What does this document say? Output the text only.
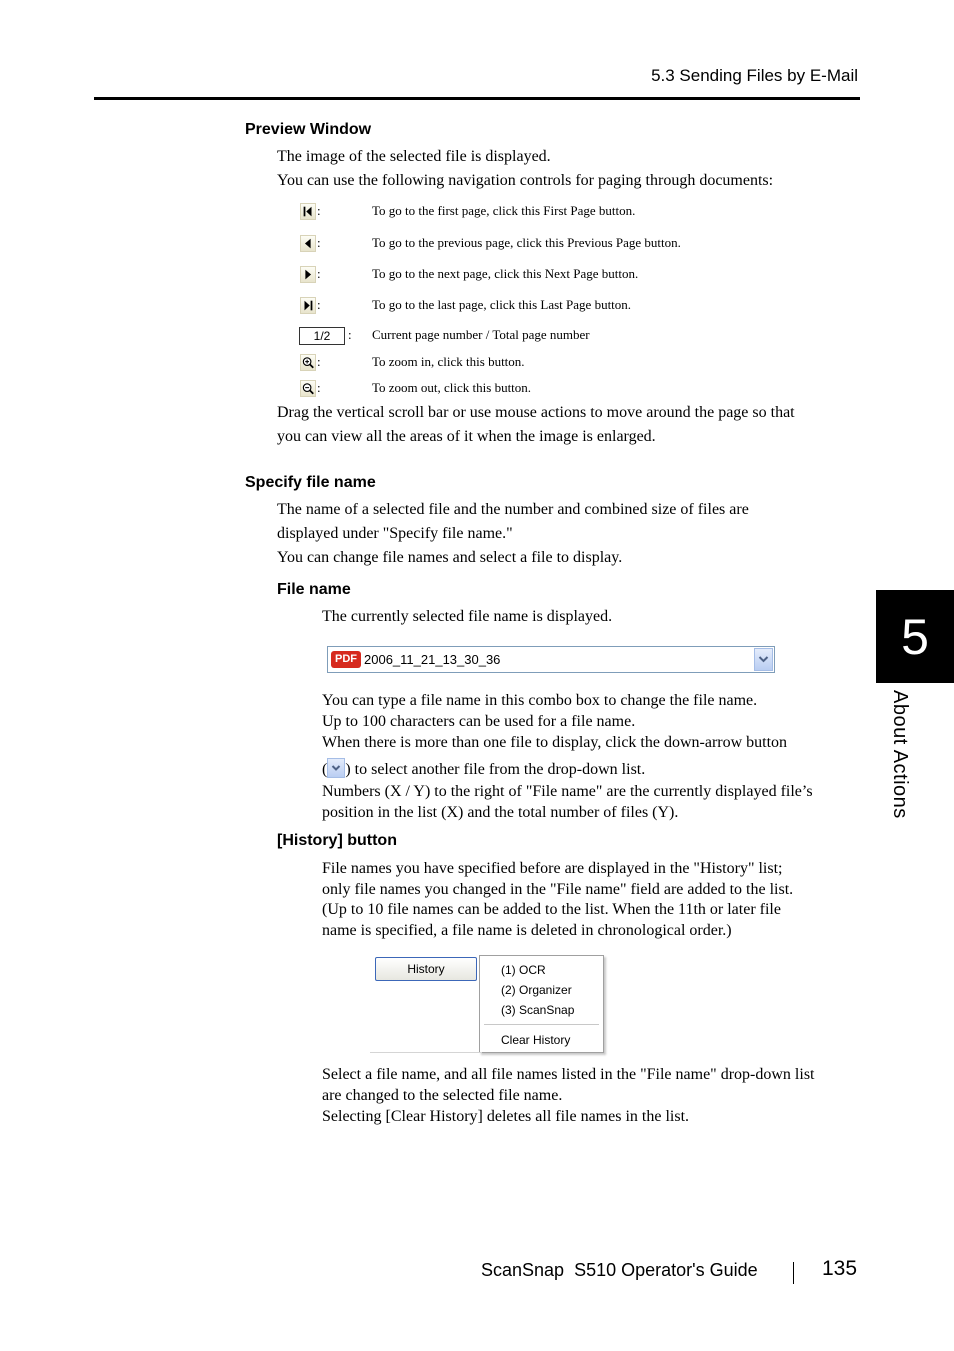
5.3 Sending Files by E-Mail
5
About Actions
Preview Window
The image of the selected file is displayed.
You can use the following navigation controls for paging through documents:
:	To go to the first page, click this First Page button.
:	To go to the previous page, click this Previous Page button.
:	To go to the next page, click this Next Page button.
:	To go to the last page, click this Last Page button.
1/2	: Current page number / Total page number
:	To zoom in, click this button.
:	To zoom out, click this button.
Drag the vertical scroll bar or use mouse actions to move around the page so that
you can view all the areas of it when the image is enlarged.
Specify file name
The name of a selected file and the number and combined size of files are
displayed under "Specify file name."
You can change file names and select a file to display.
File name
The currently selected file name is displayed.
PDF 2006_11_21_13_30_36
You can type a file name in this combo box to change the file name.
Up to 100 characters can be used for a file name.
When there is more than one file to display, click the down-arrow button
( ) to select another file from the drop-down list.
Numbers (X / Y) to the right of "File name" are the currently displayed file’s
position in the list (X) and the total number of files (Y).
[History] button
File names you have specified before are displayed in the "History" list;
only file names you changed in the "File name" field are added to the list.
(Up to 10 file names can be added to the list. When the 11th or later file
name is specified, a file name is deleted in chronological order.)
History	(1) OCR
(2) Organizer
(3) ScanSnap
Clear History
Select a file name, and all file names listed in the "File name" drop-down list
are changed to the selected file name.
Selecting [Clear History] deletes all file names in the list.
ScanSnap  S510 Operator's Guide	135
